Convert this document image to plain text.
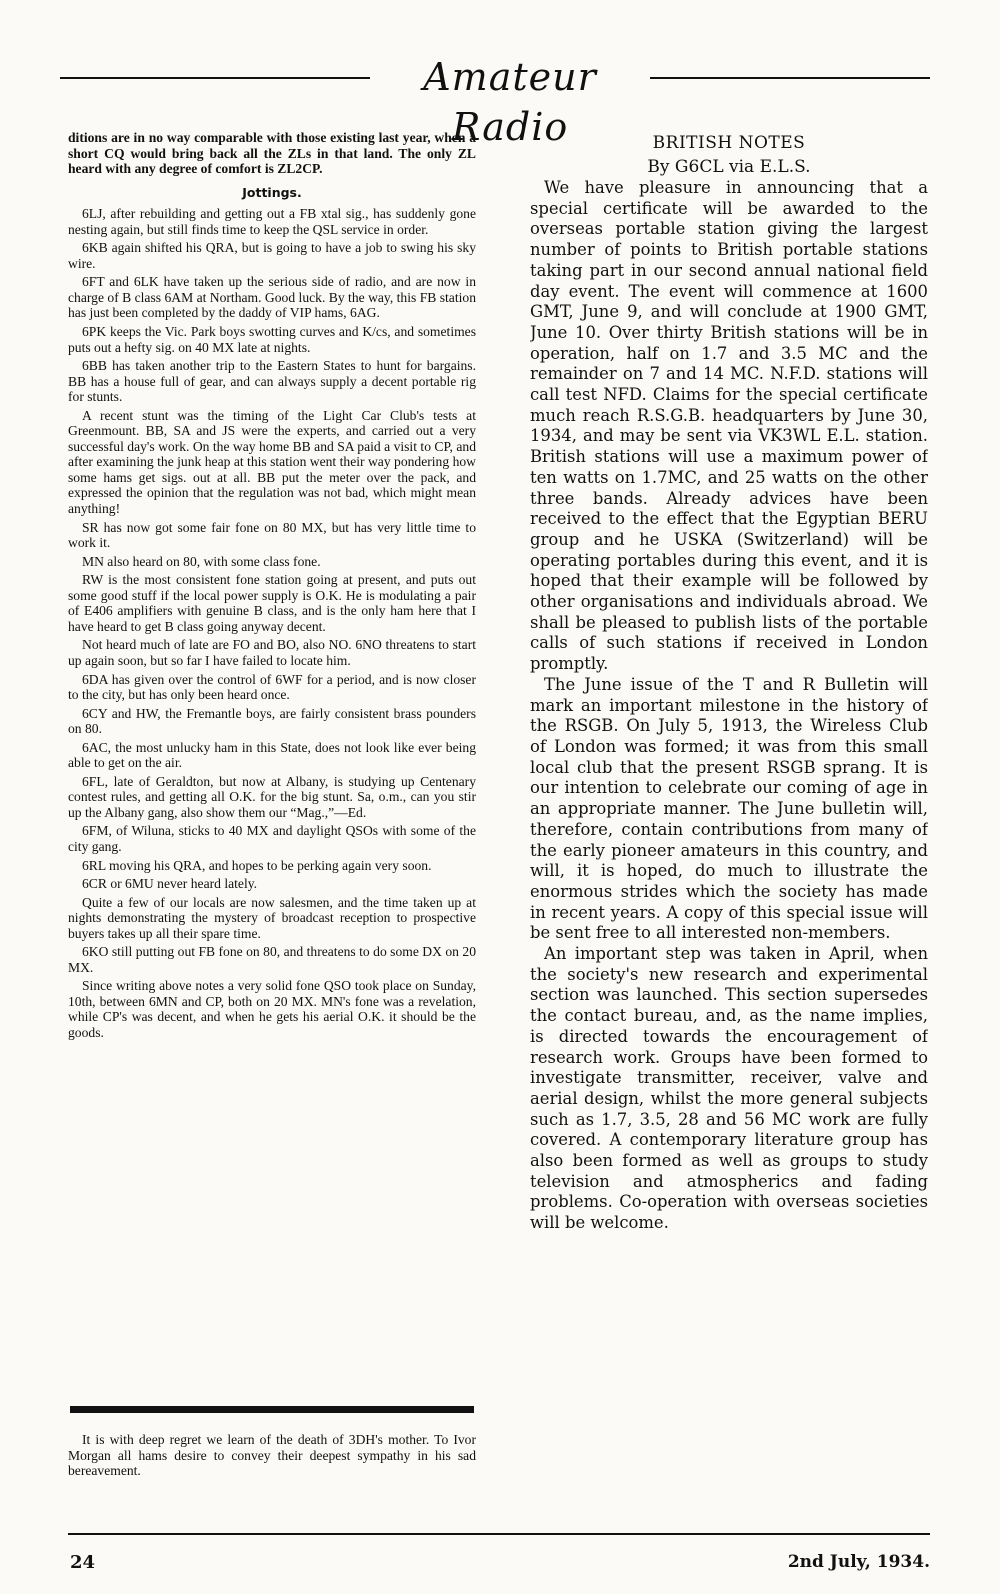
Amateur Radio

ditions are in no way comparable with those existing last year, when a short CQ would bring back all the ZLs in that land. The only ZL heard with any degree of comfort is ZL2CP.

Jottings.

6LJ, after rebuilding and getting out a FB xtal sig., has suddenly gone nesting again, but still finds time to keep the QSL service in order.

6KB again shifted his QRA, but is going to have a job to swing his sky wire.

6FT and 6LK have taken up the serious side of radio, and are now in charge of B class 6AM at Northam. Good luck. By the way, this FB station has just been completed by the daddy of VIP hams, 6AG.

6PK keeps the Vic. Park boys swotting curves and K/cs, and sometimes puts out a hefty sig. on 40 MX late at nights.

6BB has taken another trip to the Eastern States to hunt for bargains. BB has a house full of gear, and can always supply a decent portable rig for stunts.

A recent stunt was the timing of the Light Car Club's tests at Greenmount. BB, SA and JS were the experts, and carried out a very successful day's work. On the way home BB and SA paid a visit to CP, and after examining the junk heap at this station went their way pondering how some hams get sigs. out at all. BB put the meter over the pack, and expressed the opinion that the regulation was not bad, which might mean anything!

SR has now got some fair fone on 80 MX, but has very little time to work it.

MN also heard on 80, with some class fone.

RW is the most consistent fone station going at present, and puts out some good stuff if the local power supply is O.K. He is modulating a pair of E406 amplifiers with genuine B class, and is the only ham here that I have heard to get B class going anyway decent.

Not heard much of late are FO and BO, also NO. 6NO threatens to start up again soon, but so far I have failed to locate him.

6DA has given over the control of 6WF for a period, and is now closer to the city, but has only been heard once.

6CY and HW, the Fremantle boys, are fairly consistent brass pounders on 80.

6AC, the most unlucky ham in this State, does not look like ever being able to get on the air.

6FL, late of Geraldton, but now at Albany, is studying up Centenary contest rules, and getting all O.K. for the big stunt. Sa, o.m., can you stir up the Albany gang, also show them our “Mag.,”—Ed.

6FM, of Wiluna, sticks to 40 MX and daylight QSOs with some of the city gang.

6RL moving his QRA, and hopes to be perking again very soon.

6CR or 6MU never heard lately.

Quite a few of our locals are now salesmen, and the time taken up at nights demonstrating the mystery of broadcast reception to prospective buyers takes up all their spare time.

6KO still putting out FB fone on 80, and threatens to do some DX on 20 MX.

Since writing above notes a very solid fone QSO took place on Sunday, 10th, between 6MN and CP, both on 20 MX. MN's fone was a revelation, while CP's was decent, and when he gets his aerial O.K. it should be the goods.

It is with deep regret we learn of the death of 3DH's mother. To Ivor Morgan all hams desire to convey their deepest sympathy in his sad bereavement.

BRITISH NOTES
By G6CL via E.L.S.

We have pleasure in announcing that a special certificate will be awarded to the overseas portable station giving the largest number of points to British portable stations taking part in our second annual national field day event. The event will commence at 1600 GMT, June 9, and will conclude at 1900 GMT, June 10. Over thirty British stations will be in operation, half on 1.7 and 3.5 MC and the remainder on 7 and 14 MC. N.F.D. stations will call test NFD. Claims for the special certificate much reach R.S.G.B. headquarters by June 30, 1934, and may be sent via VK3WL E.L. station. British stations will use a maximum power of ten watts on 1.7MC, and 25 watts on the other three bands. Already advices have been received to the effect that the Egyptian BERU group and he USKA (Switzerland) will be operating portables during this event, and it is hoped that their example will be followed by other organisations and individuals abroad. We shall be pleased to publish lists of the portable calls of such stations if received in London promptly.

The June issue of the T and R Bulletin will mark an important milestone in the history of the RSGB. On July 5, 1913, the Wireless Club of London was formed; it was from this small local club that the present RSGB sprang. It is our intention to celebrate our coming of age in an appropriate manner. The June bulletin will, therefore, contain contributions from many of the early pioneer amateurs in this country, and will, it is hoped, do much to illustrate the enormous strides which the society has made in recent years. A copy of this special issue will be sent free to all interested non-members.

An important step was taken in April, when the society's new research and experimental section was launched. This section supersedes the contact bureau, and, as the name implies, is directed towards the encouragement of research work. Groups have been formed to investigate transmitter, receiver, valve and aerial design, whilst the more general subjects such as 1.7, 3.5, 28 and 56 MC work are fully covered. A contemporary literature group has also been formed as well as groups to study television and atmospherics and fading problems. Co-operation with overseas societies will be welcome.

24	2nd July, 1934.
